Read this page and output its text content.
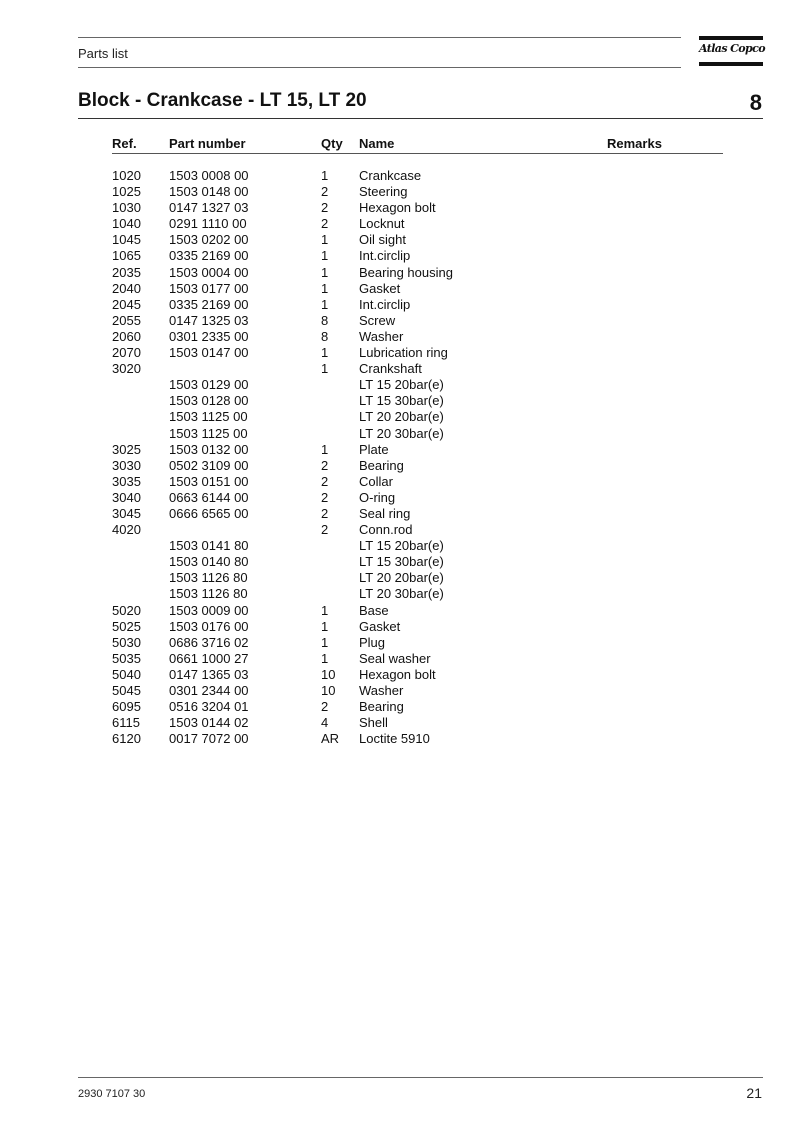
Parts list	Atlas Copco
Block - Crankcase - LT 15, LT 20	8
Ref. Part number	Qty Name	Remarks
1020 1503 0008 00	1 Crankcase
1025 1503 0148 00	2 Steering
1030 0147 1327 03	2 Hexagon bolt
1040 0291 1110 00	2 Locknut
1045 1503 0202 00	1 Oil sight
1065 0335 2169 00	1 Int.circlip
2035 1503 0004 00	1 Bearing housing
2040 1503 0177 00	1 Gasket
2045 0335 2169 00	1 Int.circlip
2055 0147 1325 03	8 Screw
2060 0301 2335 00	8 Washer
2070 1503 0147 00	1 Lubrication ring
3020	1 Crankshaft
1503 0129 00	LT 15 20bar(e)
1503 0128 00	LT 15 30bar(e)
1503 1125 00	LT 20 20bar(e)
1503 1125 00	LT 20 30bar(e)
3025 1503 0132 00	1 Plate
3030 0502 3109 00	2 Bearing
3035 1503 0151 00	2 Collar
3040 0663 6144 00	2 O-ring
3045 0666 6565 00	2 Seal ring
4020	2 Conn.rod
1503 0141 80	LT 15 20bar(e)
1503 0140 80	LT 15 30bar(e)
1503 1126 80	LT 20 20bar(e)
1503 1126 80	LT 20 30bar(e)
5020 1503 0009 00	1 Base
5025 1503 0176 00	1 Gasket
5030 0686 3716 02	1 Plug
5035 0661 1000 27	1 Seal washer
5040 0147 1365 03	10 Hexagon bolt
5045 0301 2344 00	10 Washer
6095 0516 3204 01	2 Bearing
6115 1503 0144 02	4 Shell
6120 0017 7072 00	AR Loctite 5910
2930 7107 30	21
